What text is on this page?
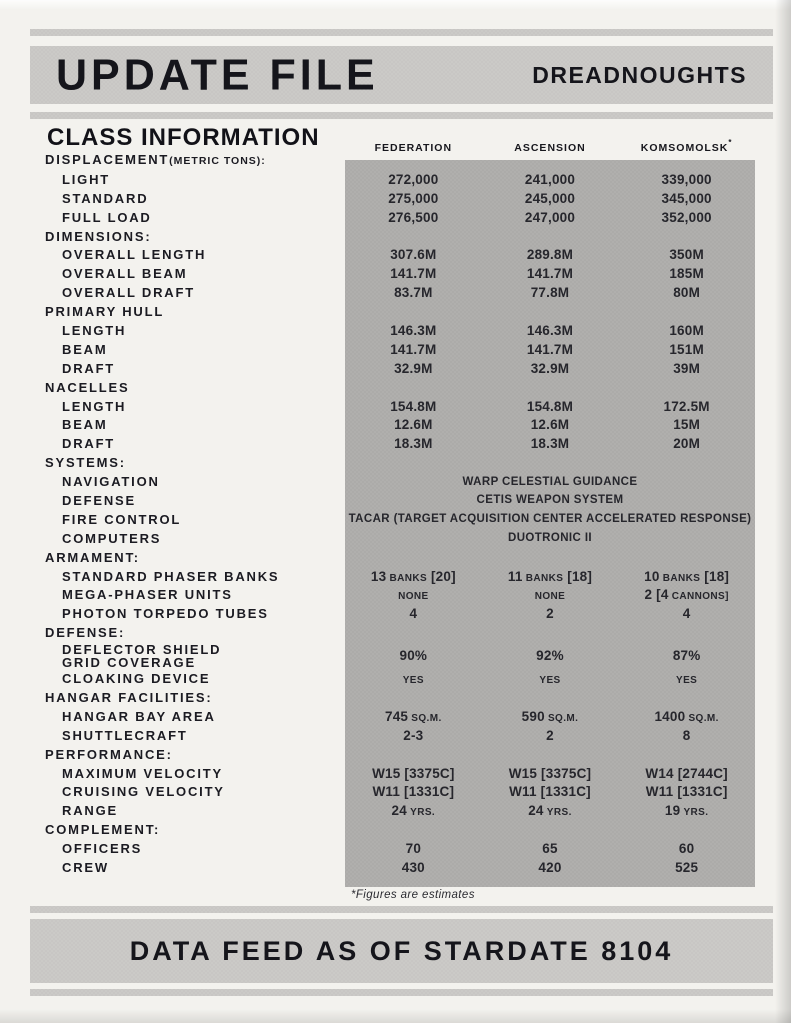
UPDATE FILE	DREADNOUGHTS
CLASS INFORMATION	FEDERATION	ASCENSION	KOMSOMOLSK*
DISPLACEMENT(METRIC TONS):
LIGHT	272,000	241,000	339,000
STANDARD	275,000	245,000	345,000
FULL LOAD	276,500	247,000	352,000
DIMENSIONS:
OVERALL LENGTH	307.6M	289.8M	350M
OVERALL BEAM	141.7M	141.7M	185M
OVERALL DRAFT	83.7M	77.8M	80M
PRIMARY HULL
LENGTH	146.3M	146.3M	160M
BEAM	141.7M	141.7M	151M
DRAFT	32.9M	32.9M	39M
NACELLES
LENGTH	154.8M	154.8M	172.5M
BEAM	12.6M	12.6M	15M
DRAFT	18.3M	18.3M	20M
SYSTEMS:
NAVIGATION	WARP CELESTIAL GUIDANCE
DEFENSE	CETIS WEAPON SYSTEM
FIRE CONTROL	TACAR (TARGET ACQUISITION CENTER ACCELERATED RESPONSE)
COMPUTERS	DUOTRONIC II
ARMAMENT:
STANDARD PHASER BANKS	13 BANKS [20]	11 BANKS [18]	10 BANKS [18]
MEGA-PHASER UNITS	NONE	NONE	2 [4 CANNONS]
PHOTON TORPEDO TUBES	4	2	4
DEFENSE:
DEFLECTOR SHIELD
GRID COVERAGE	90%	92%	87%
CLOAKING DEVICE	YES	YES	YES
HANGAR FACILITIES:
HANGAR BAY AREA	745 SQ.M.	590 SQ.M.	1400 SQ.M.
SHUTTLECRAFT	2-3	2	8
PERFORMANCE:
MAXIMUM VELOCITY	W15 [3375C]	W15 [3375C]	W14 [2744C]
CRUISING VELOCITY	W11 [1331C]	W11 [1331C]	W11 [1331C]
RANGE	24 YRS.	24 YRS.	19 YRS.
COMPLEMENT:
OFFICERS	70	65	60
CREW	430	420	525
*Figures are estimates
DATA FEED AS OF STARDATE 8104
